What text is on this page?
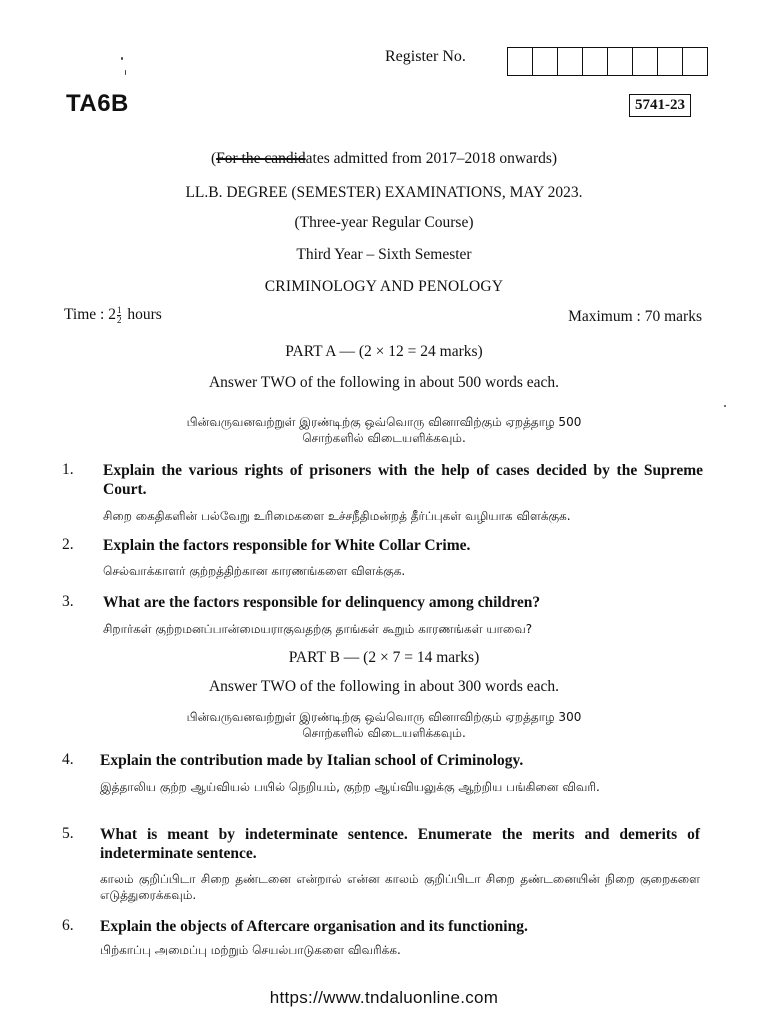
Register No.
TA6B	5741-23
(For the candidates admitted from 2017–2018 onwards)
LL.B. DEGREE (SEMESTER) EXAMINATIONS, MAY 2023.
(Three-year Regular Course)
Third Year – Sixth Semester
CRIMINOLOGY AND PENOLOGY
Time : $2 \frac{1}{2}$ hours	Maximum : 70 marks
PART A — (2 × 12 = 24 marks)
Answer TWO of the following in about 500 words each.
பின்வருவனவற்றுள் இரண்டிற்கு ஒவ்வொரு வினாவிற்கும் ஏறத்தாழ 500 சொற்களில் விடையளிக்கவும்.
1. Explain the various rights of prisoners with the help of cases decided by the Supreme Court.
சிறை கைதிகளின் பல்வேறு உரிமைகளை உச்சநீதிமன்றத் தீர்ப்புகள் வழியாக விளக்குக.
2. Explain the factors responsible for White Collar Crime.
செல்வாக்காளர் குற்றத்திற்கான காரணங்களை விளக்குக.
3. What are the factors responsible for delinquency among children?
சிறார்கள் குற்றமனப்பான்மையராகுவதற்கு தாங்கள் கூறும் காரணங்கள் யாவை?
PART B — (2 × 7 = 14 marks)
Answer TWO of the following in about 300 words each.
பின்வருவனவற்றுள் இரண்டிற்கு ஒவ்வொரு வினாவிற்கும் ஏறத்தாழ 300 சொற்களில் விடையளிக்கவும்.
4. Explain the contribution made by Italian school of Criminology.
இத்தாலிய குற்ற ஆய்வியல் பயில் நெறியம், குற்ற ஆய்வியலுக்கு ஆற்றிய பங்கினை விவரி.
5. What is meant by indeterminate sentence. Enumerate the merits and demerits of indeterminate sentence.
காலம் குறிப்பிடா சிறை தண்டனை என்றால் என்ன காலம் குறிப்பிடா சிறை தண்டனையின் நிறை குறைகளை எடுத்துரைக்கவும்.
6. Explain the objects of Aftercare organisation and its functioning.
பிற்காப்பு அமைப்பு மற்றும் செயல்பாடுகளை விவரிக்க.
https://www.tndaluonline.com
